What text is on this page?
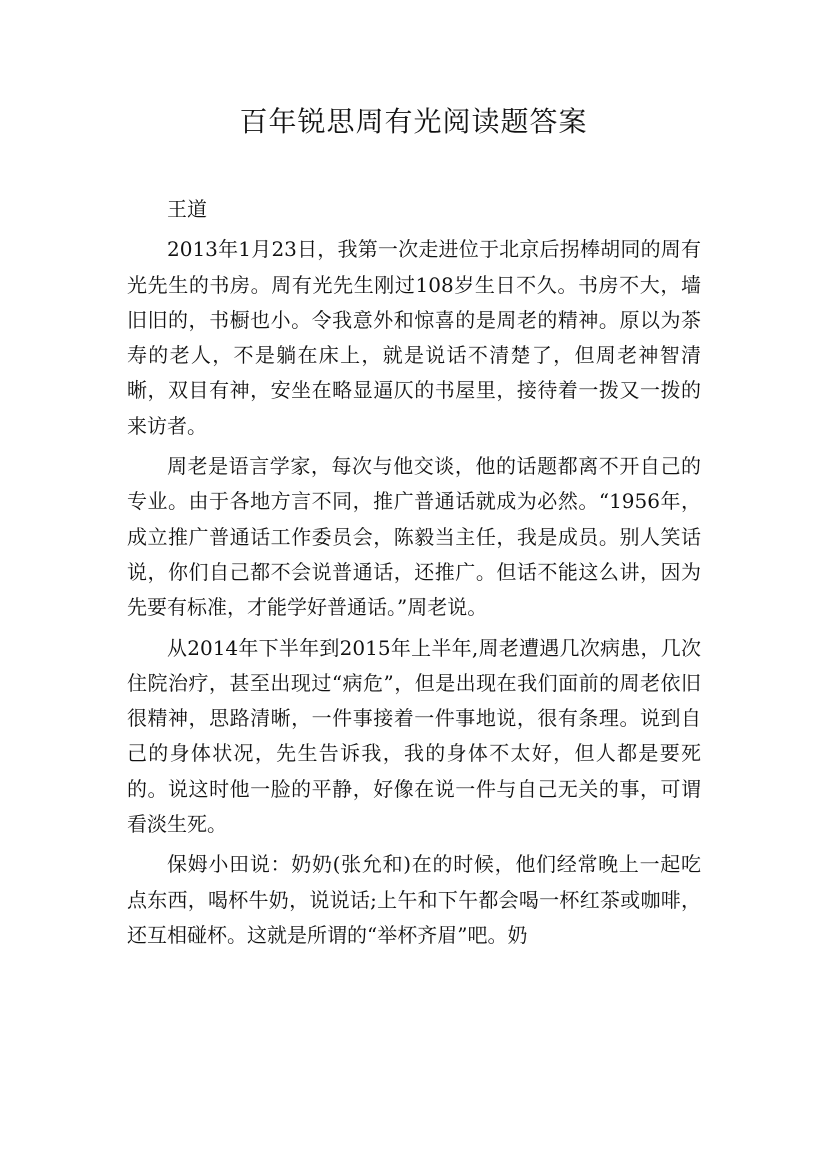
百年锐思周有光阅读题答案

王道

2013年1月23日，我第一次走进位于北京后拐棒胡同的周有光先生的书房。周有光先生刚过108岁生日不久。书房不大，墙旧旧的，书橱也小。令我意外和惊喜的是周老的精神。原以为茶寿的老人，不是躺在床上，就是说话不清楚了，但周老神智清晰，双目有神，安坐在略显逼仄的书屋里，接待着一拨又一拨的来访者。

周老是语言学家，每次与他交谈，他的话题都离不开自己的专业。由于各地方言不同，推广普通话就成为必然。“1956年，成立推广普通话工作委员会，陈毅当主任，我是成员。别人笑话说，你们自己都不会说普通话，还推广。但话不能这么讲，因为先要有标准，才能学好普通话。”周老说。

从2014年下半年到2015年上半年,周老遭遇几次病患，几次住院治疗，甚至出现过“病危”，但是出现在我们面前的周老依旧很精神，思路清晰，一件事接着一件事地说，很有条理。说到自己的身体状况，先生告诉我，我的身体不太好，但人都是要死的。说这时他一脸的平静，好像在说一件与自己无关的事，可谓看淡生死。

保姆小田说：奶奶(张允和)在的时候，他们经常晚上一起吃点东西，喝杯牛奶，说说话;上午和下午都会喝一杯红茶或咖啡，还互相碰杯。这就是所谓的“举杯齐眉”吧。奶
